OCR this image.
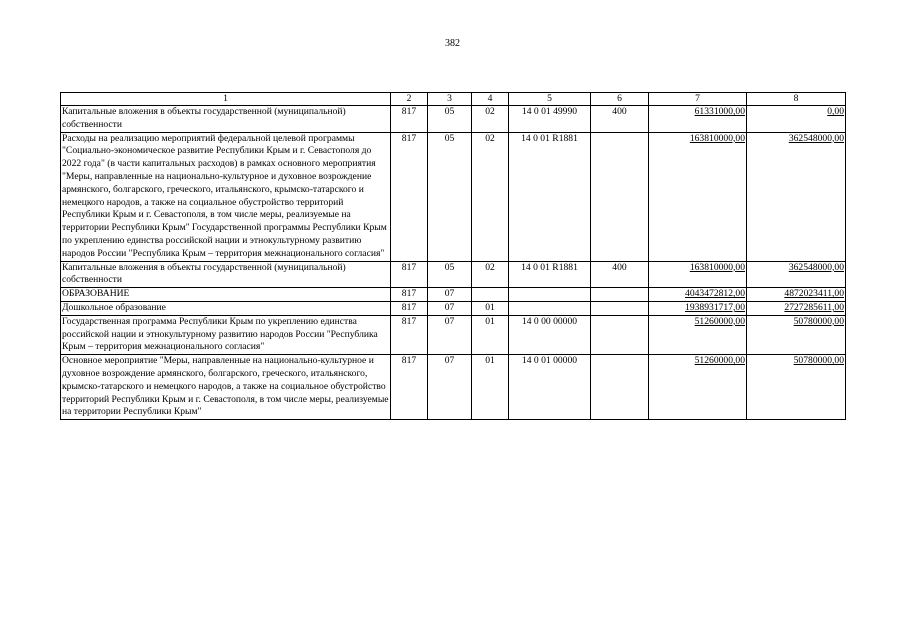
382
1	2	3	4	5	6	7	8
Капитальные вложения в объекты государственной (муниципальной) собственности	817	05	02	14 0 01 49990	400	61331000,00	0,00
Расходы на реализацию мероприятий федеральной целевой программы "Социально-экономическое развитие Республики Крым и г. Севастополя до 2022 года" (в части капитальных расходов) в рамках основного мероприятия "Меры, направленные на национально-культурное и духовное возрождение армянского, болгарского, греческого, итальянского, крымско-татарского и немецкого народов, а также на социальное обустройство территорий Республики Крым и г. Севастополя, в том числе меры, реализуемые на территории Республики Крым" Государственной программы Республики Крым по укреплению единства российской нации и этнокультурному развитию народов России "Республика Крым – территория межнационального согласия"	817	05	02	14 0 01 R1881		163810000,00	362548000,00
Капитальные вложения в объекты государственной (муниципальной) собственности	817	05	02	14 0 01 R1881	400	163810000,00	362548000,00
ОБРАЗОВАНИЕ	817	07				4043472812,00	4872023411,00
Дошкольное образование	817	07	01			1938931717,00	2727285611,00
Государственная программа Республики Крым по укреплению единства российской нации и этнокультурному развитию народов России "Республика Крым – территория межнационального согласия"	817	07	01	14 0 00 00000		51260000,00	50780000,00
Основное мероприятие "Меры, направленные на национально-культурное и духовное возрождение армянского, болгарского, греческого, итальянского, крымско-татарского и немецкого народов, а также на социальное обустройство территорий Республики Крым и г. Севастополя, в том числе меры, реализуемые на территории Республики Крым"	817	07	01	14 0 01 00000		51260000,00	50780000,00
